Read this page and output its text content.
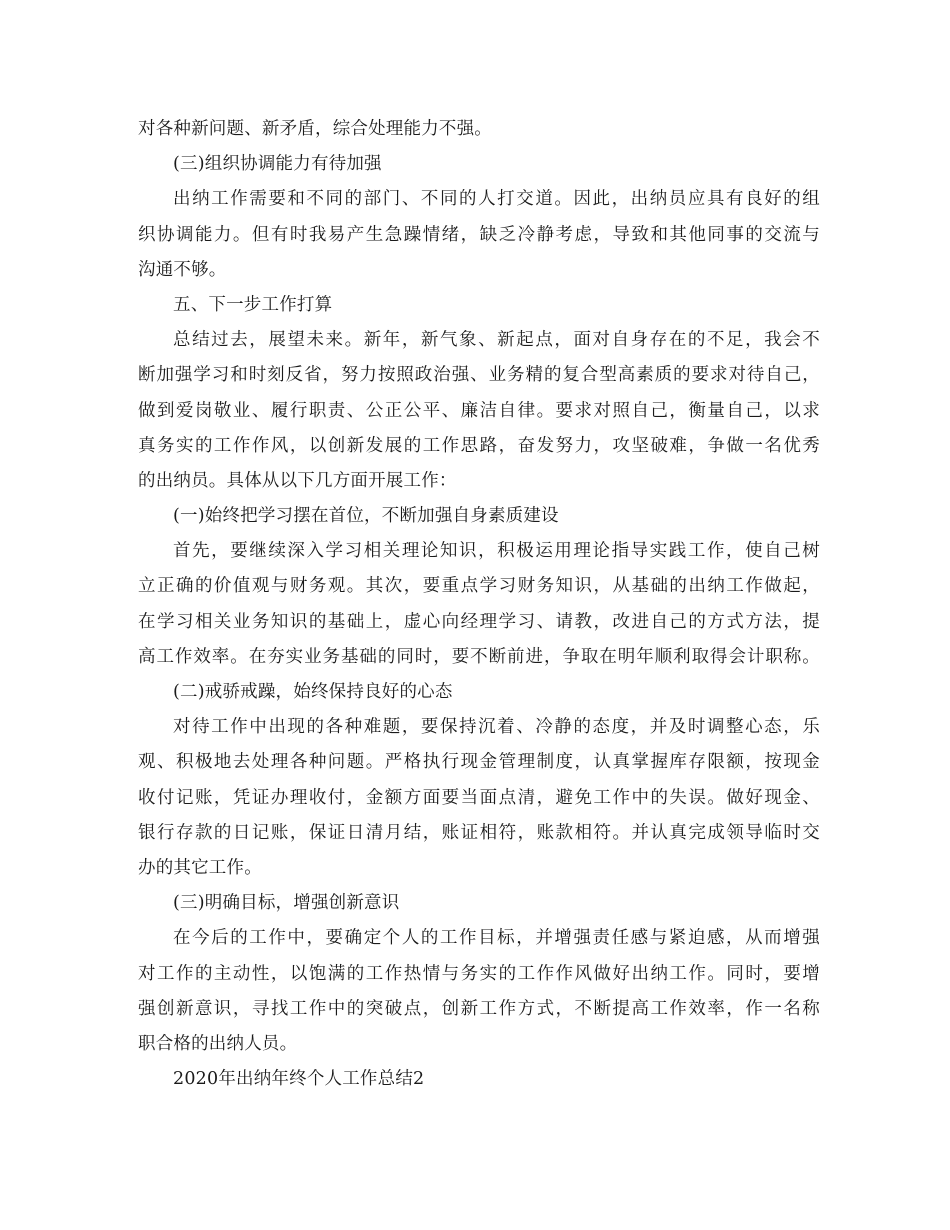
对各种新问题、新矛盾，综合处理能力不强。
(三)组织协调能力有待加强
出纳工作需要和不同的部门、不同的人打交道。因此，出纳员应具有良好的组
织协调能力。但有时我易产生急躁情绪，缺乏冷静考虑，导致和其他同事的交流与
沟通不够。
五、下一步工作打算
总结过去，展望未来。新年，新气象、新起点，面对自身存在的不足，我会不
断加强学习和时刻反省，努力按照政治强、业务精的复合型高素质的要求对待自己，
做到爱岗敬业、履行职责、公正公平、廉洁自律。要求对照自己，衡量自己，以求
真务实的工作作风，以创新发展的工作思路，奋发努力，攻坚破难，争做一名优秀
的出纳员。具体从以下几方面开展工作：
(一)始终把学习摆在首位，不断加强自身素质建设
首先，要继续深入学习相关理论知识，积极运用理论指导实践工作，使自己树
立正确的价值观与财务观。其次，要重点学习财务知识，从基础的出纳工作做起，
在学习相关业务知识的基础上，虚心向经理学习、请教，改进自己的方式方法，提
高工作效率。在夯实业务基础的同时，要不断前进，争取在明年顺利取得会计职称。
(二)戒骄戒躁，始终保持良好的心态
对待工作中出现的各种难题，要保持沉着、冷静的态度，并及时调整心态，乐
观、积极地去处理各种问题。严格执行现金管理制度，认真掌握库存限额，按现金
收付记账，凭证办理收付，金额方面要当面点清，避免工作中的失误。做好现金、
银行存款的日记账，保证日清月结，账证相符，账款相符。并认真完成领导临时交
办的其它工作。
(三)明确目标，增强创新意识
在今后的工作中，要确定个人的工作目标，并增强责任感与紧迫感，从而增强
对工作的主动性，以饱满的工作热情与务实的工作作风做好出纳工作。同时，要增
强创新意识，寻找工作中的突破点，创新工作方式，不断提高工作效率，作一名称
职合格的出纳人员。
2020年出纳年终个人工作总结2
